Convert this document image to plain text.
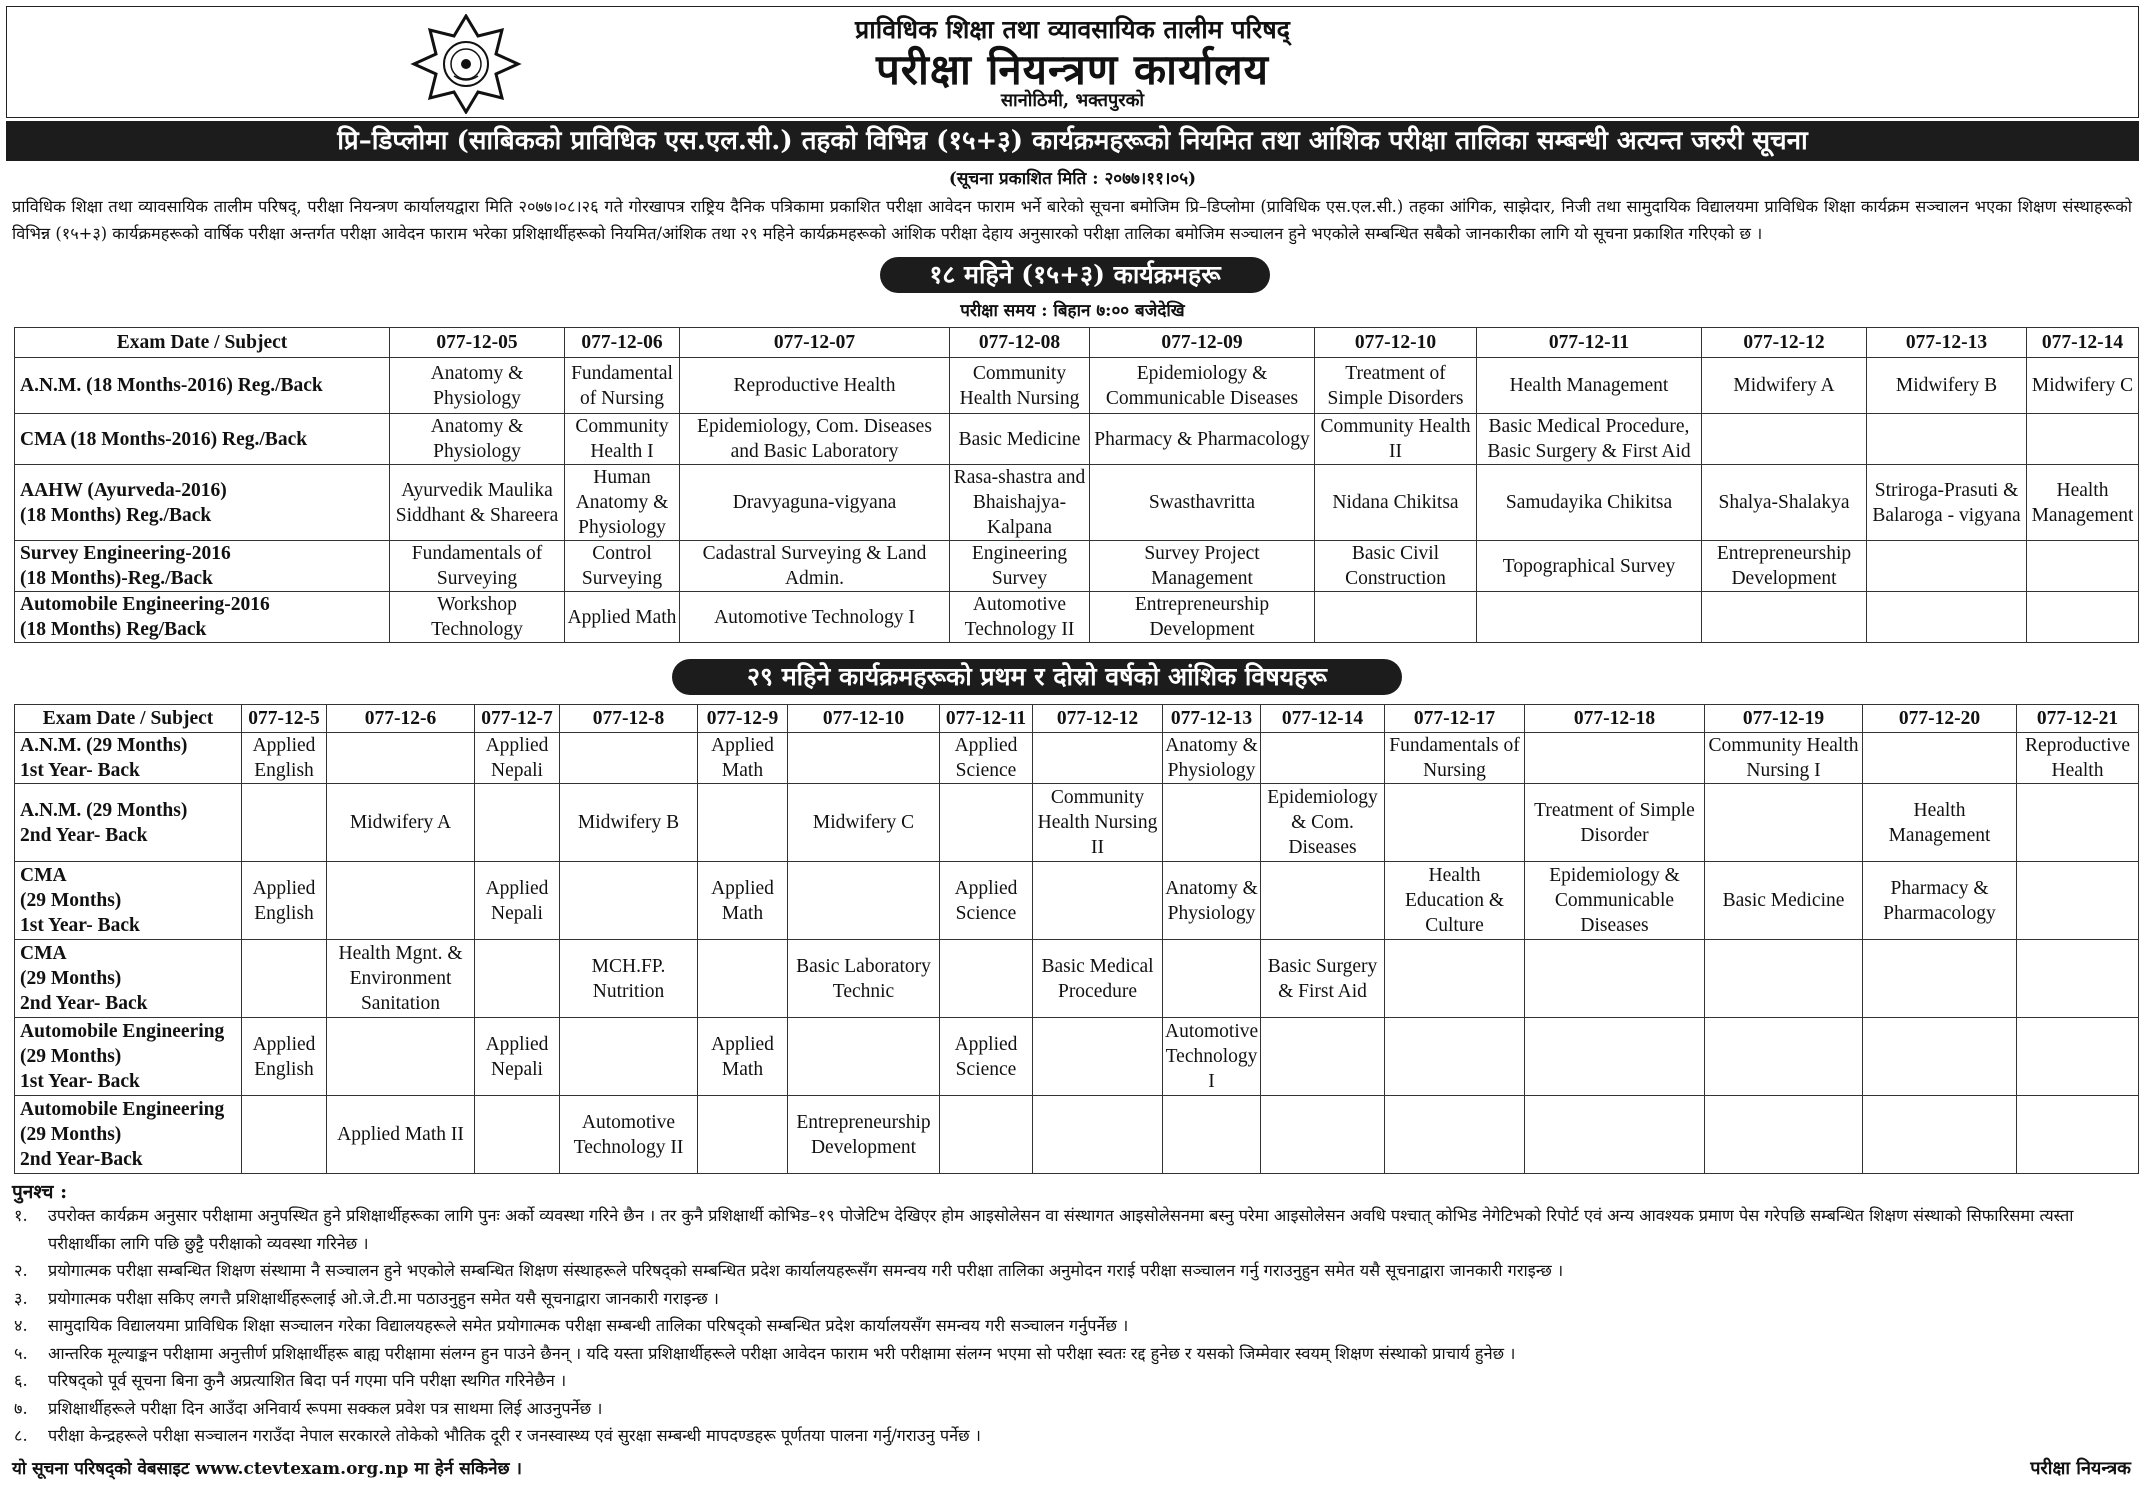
प्राविधिक शिक्षा तथा व्यावसायिक तालीम परिषद्
परीक्षा नियन्त्रण कार्यालय
सानोठिमी, भक्तपुरको
प्रि–डिप्लोमा (साबिकको प्राविधिक एस.एल.सी.) तहको विभिन्न (१५+३) कार्यक्रमहरूको नियमित तथा आंशिक परीक्षा तालिका सम्बन्धी अत्यन्त जरुरी सूचना
(सूचना प्रकाशित मिति : २०७७।११।०५)
प्राविधिक शिक्षा तथा व्यावसायिक तालीम परिषद्, परीक्षा नियन्त्रण कार्यालयद्वारा मिति २०७७।०८।२६ गते गोरखापत्र राष्ट्रिय दैनिक पत्रिकामा प्रकाशित परीक्षा आवेदन फाराम भर्ने बारेको सूचना बमोजिम प्रि–डिप्लोमा (प्राविधिक एस.एल.सी.) तहका आंगिक, साझेदार, निजी तथा सामुदायिक विद्यालयमा प्राविधिक शिक्षा कार्यक्रम सञ्चालन भएका शिक्षण संस्थाहरूको विभिन्न (१५+३) कार्यक्रमहरूको वार्षिक परीक्षा अन्तर्गत परीक्षा आवेदन फाराम भरेका प्रशिक्षार्थीहरूको नियमित/आंशिक तथा २९ महिने कार्यक्रमहरूको आंशिक परीक्षा देहाय अनुसारको परीक्षा तालिका बमोजिम सञ्चालन हुने भएकोले सम्बन्धित सबैको जानकारीका लागि यो सूचना प्रकाशित गरिएको छ ।
१८ महिने (१५+३) कार्यक्रमहरू
परीक्षा समय : बिहान ७:०० बजेदेखि
Exam Date / Subject	077-12-05	077-12-06	077-12-07	077-12-08	077-12-09	077-12-10	077-12-11	077-12-12	077-12-13	077-12-14

A.N.M. (18 Months-2016) Reg./Back	Anatomy & Physiology	Fundamental of Nursing	Reproductive Health	Community Health Nursing	Epidemiology & Communicable Diseases	Treatment of Simple Disorders	Health Management	Midwifery A	Midwifery B	Midwifery C

CMA (18 Months-2016) Reg./Back	Anatomy & Physiology	Community Health I	Epidemiology, Com. Diseases and Basic Laboratory	Basic Medicine	Pharmacy & Pharmacology	Community Health II	Basic Medical Procedure, Basic Surgery & First Aid			

AAHW (Ayurveda-2016)
(18 Months) Reg./Back	Ayurvedik Maulika Siddhant & Shareera	Human Anatomy & Physiology	Dravyaguna-vigyana	Rasa-shastra and Bhaishajya-Kalpana	Swasthavritta	Nidana Chikitsa	Samudayika Chikitsa	Shalya-Shalakya	Striroga-Prasuti & Balaroga - vigyana	Health Management

Survey Engineering-2016
(18 Months)-Reg./Back	Fundamentals of Surveying	Control Surveying	Cadastral Surveying & Land Admin.	Engineering Survey	Survey Project Management	Basic Civil Construction	Topographical Survey	Entrepreneurship Development		

Automobile Engineering-2016
(18 Months) Reg/Back	Workshop Technology	Applied Math	Automotive Technology I	Automotive Technology II	Entrepreneurship Development					
२९ महिने कार्यक्रमहरूको प्रथम र दोस्रो वर्षको आंशिक विषयहरू
Exam Date / Subject	077-12-5	077-12-6	077-12-7	077-12-8	077-12-9	077-12-10	077-12-11	077-12-12	077-12-13	077-12-14	077-12-17	077-12-18	077-12-19	077-12-20	077-12-21

A.N.M. (29 Months)
1st Year- Back	Applied English		Applied Nepali		Applied Math		Applied Science		Anatomy & Physiology		Fundamentals of Nursing		Community Health Nursing I		Reproductive Health

A.N.M. (29 Months)
2nd Year- Back		Midwifery A		Midwifery B		Midwifery C		Community Health Nursing II		Epidemiology & Com. Diseases		Treatment of Simple Disorder		Health Management	

CMA
(29 Months)
1st Year- Back	Applied English		Applied Nepali		Applied Math		Applied Science		Anatomy & Physiology		Health Education & Culture	Epidemiology & Communicable Diseases	Basic Medicine	Pharmacy & Pharmacology	

CMA
(29 Months)
2nd Year- Back		Health Mgnt. & Environment Sanitation		MCH.FP. Nutrition		Basic Laboratory Technic		Basic Medical Procedure		Basic Surgery & First Aid					

Automobile Engineering
(29 Months)
1st Year- Back	Applied English		Applied Nepali		Applied Math		Applied Science		Automotive Technology I						

Automobile Engineering
(29 Months)
2nd Year-Back		Applied Math II		Automotive Technology II		Entrepreneurship Development									
पुनश्च :
१. उपरोक्त कार्यक्रम अनुसार परीक्षामा अनुपस्थित हुने प्रशिक्षार्थीहरूका लागि पुनः अर्को व्यवस्था गरिने छैन । तर कुनै प्रशिक्षार्थी कोभिड–१९ पोजेटिभ देखिएर होम आइसोलेसन वा संस्थागत आइसोलेसनमा बस्नु परेमा आइसोलेसन अवधि पश्चात् कोभिड नेगेटिभको रिपोर्ट एवं अन्य आवश्यक प्रमाण पेस गरेपछि सम्बन्धित शिक्षण संस्थाको सिफारिसमा त्यस्ता परीक्षार्थीका लागि पछि छुट्टै परीक्षाको व्यवस्था गरिनेछ ।
२. प्रयोगात्मक परीक्षा सम्बन्धित शिक्षण संस्थामा नै सञ्चालन हुने भएकोले सम्बन्धित शिक्षण संस्थाहरूले परिषद्को सम्बन्धित प्रदेश कार्यालयहरूसँग समन्वय गरी परीक्षा तालिका अनुमोदन गराई परीक्षा सञ्चालन गर्नु गराउनुहुन समेत यसै सूचनाद्वारा जानकारी गराइन्छ ।
३. प्रयोगात्मक परीक्षा सकिए लगत्तै प्रशिक्षार्थीहरूलाई ओ.जे.टी.मा पठाउनुहुन समेत यसै सूचनाद्वारा जानकारी गराइन्छ ।
४. सामुदायिक विद्यालयमा प्राविधिक शिक्षा सञ्चालन गरेका विद्यालयहरूले समेत प्रयोगात्मक परीक्षा सम्बन्धी तालिका परिषद्को सम्बन्धित प्रदेश कार्यालयसँग समन्वय गरी सञ्चालन गर्नुपर्नेछ ।
५. आन्तरिक मूल्याङ्कन परीक्षामा अनुत्तीर्ण प्रशिक्षार्थीहरू बाह्य परीक्षामा संलग्न हुन पाउने छैनन् । यदि यस्ता प्रशिक्षार्थीहरूले परीक्षा आवेदन फाराम भरी परीक्षामा संलग्न भएमा सो परीक्षा स्वतः रद्द हुनेछ र यसको जिम्मेवार स्वयम् शिक्षण संस्थाको प्राचार्य हुनेछ ।
६. परिषद्को पूर्व सूचना बिना कुनै अप्रत्याशित बिदा पर्न गएमा पनि परीक्षा स्थगित गरिनेछैन ।
७. प्रशिक्षार्थीहरूले परीक्षा दिन आउँदा अनिवार्य रूपमा सक्कल प्रवेश पत्र साथमा लिई आउनुपर्नेछ ।
८. परीक्षा केन्द्रहरूले परीक्षा सञ्चालन गराउँदा नेपाल सरकारले तोकेको भौतिक दूरी र जनस्वास्थ्य एवं सुरक्षा सम्बन्धी मापदण्डहरू पूर्णतया पालना गर्नु/गराउनु पर्नेछ ।
यो सूचना परिषद्को वेबसाइट www.ctevtexam.org.np मा हेर्न सकिनेछ ।	परीक्षा नियन्त्रक
